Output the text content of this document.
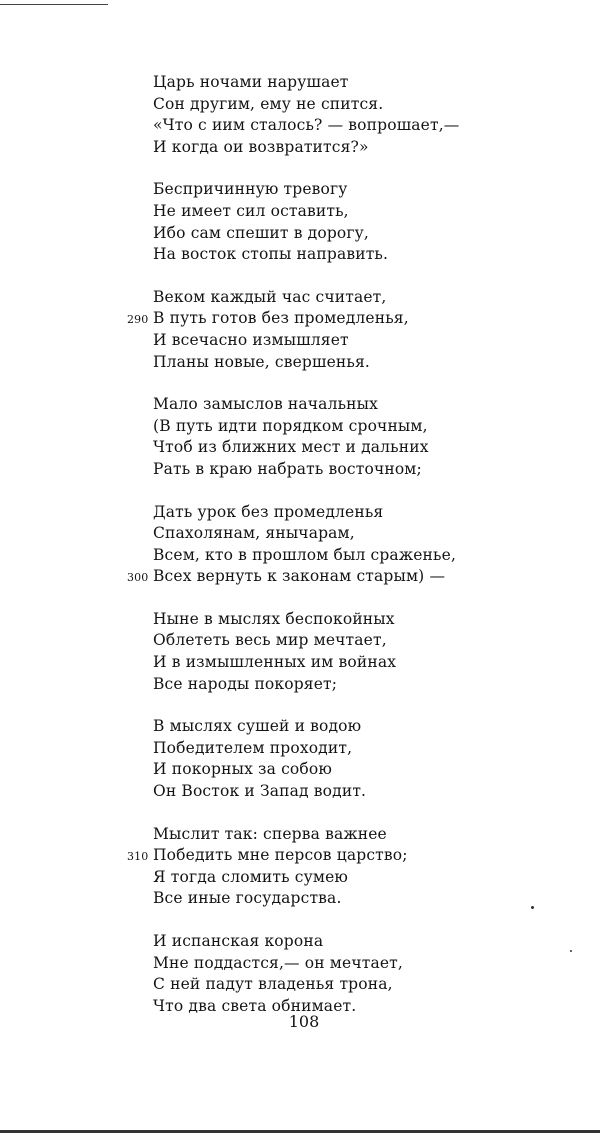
Царь ночами нарушает
Сон другим, ему не спится.
«Что с иим сталось? — вопрошает,—
И когда ои возвратится?»
Беспричинную тревогу
Не имеет сил оставить,
Ибо сам спешит в дорогу,
На восток стопы направить.
Веком каждый час считает,
В путь готов без промедленья,
290
И всечасно измышляет
Планы новые, свершенья.
Мало замыслов начальных
(В путь идти порядком срочным,
Чтоб из ближних мест и дальних
Рать в краю набрать восточном;
Дать урок без промедленья
Спахолянам, янычарам,
Всем, кто в прошлом был сраженье,
Всех вернуть к законам старым) —
300
Ныне в мыслях беспокойных
Облететь весь мир мечтает,
И в измышленных им войнах
Все народы покоряет;
В мыслях сушей и водою
Победителем проходит,
И покорных за собою
Он Восток и Запад водит.
Мыслит так: сперва важнее
Победить мне персов царство;
310
Я тогда сломить сумею
Все иные государства.
И испанская корона
Мне поддастся,— он мечтает,
С ней падут владенья трона,
Что два света обнимает.
108
